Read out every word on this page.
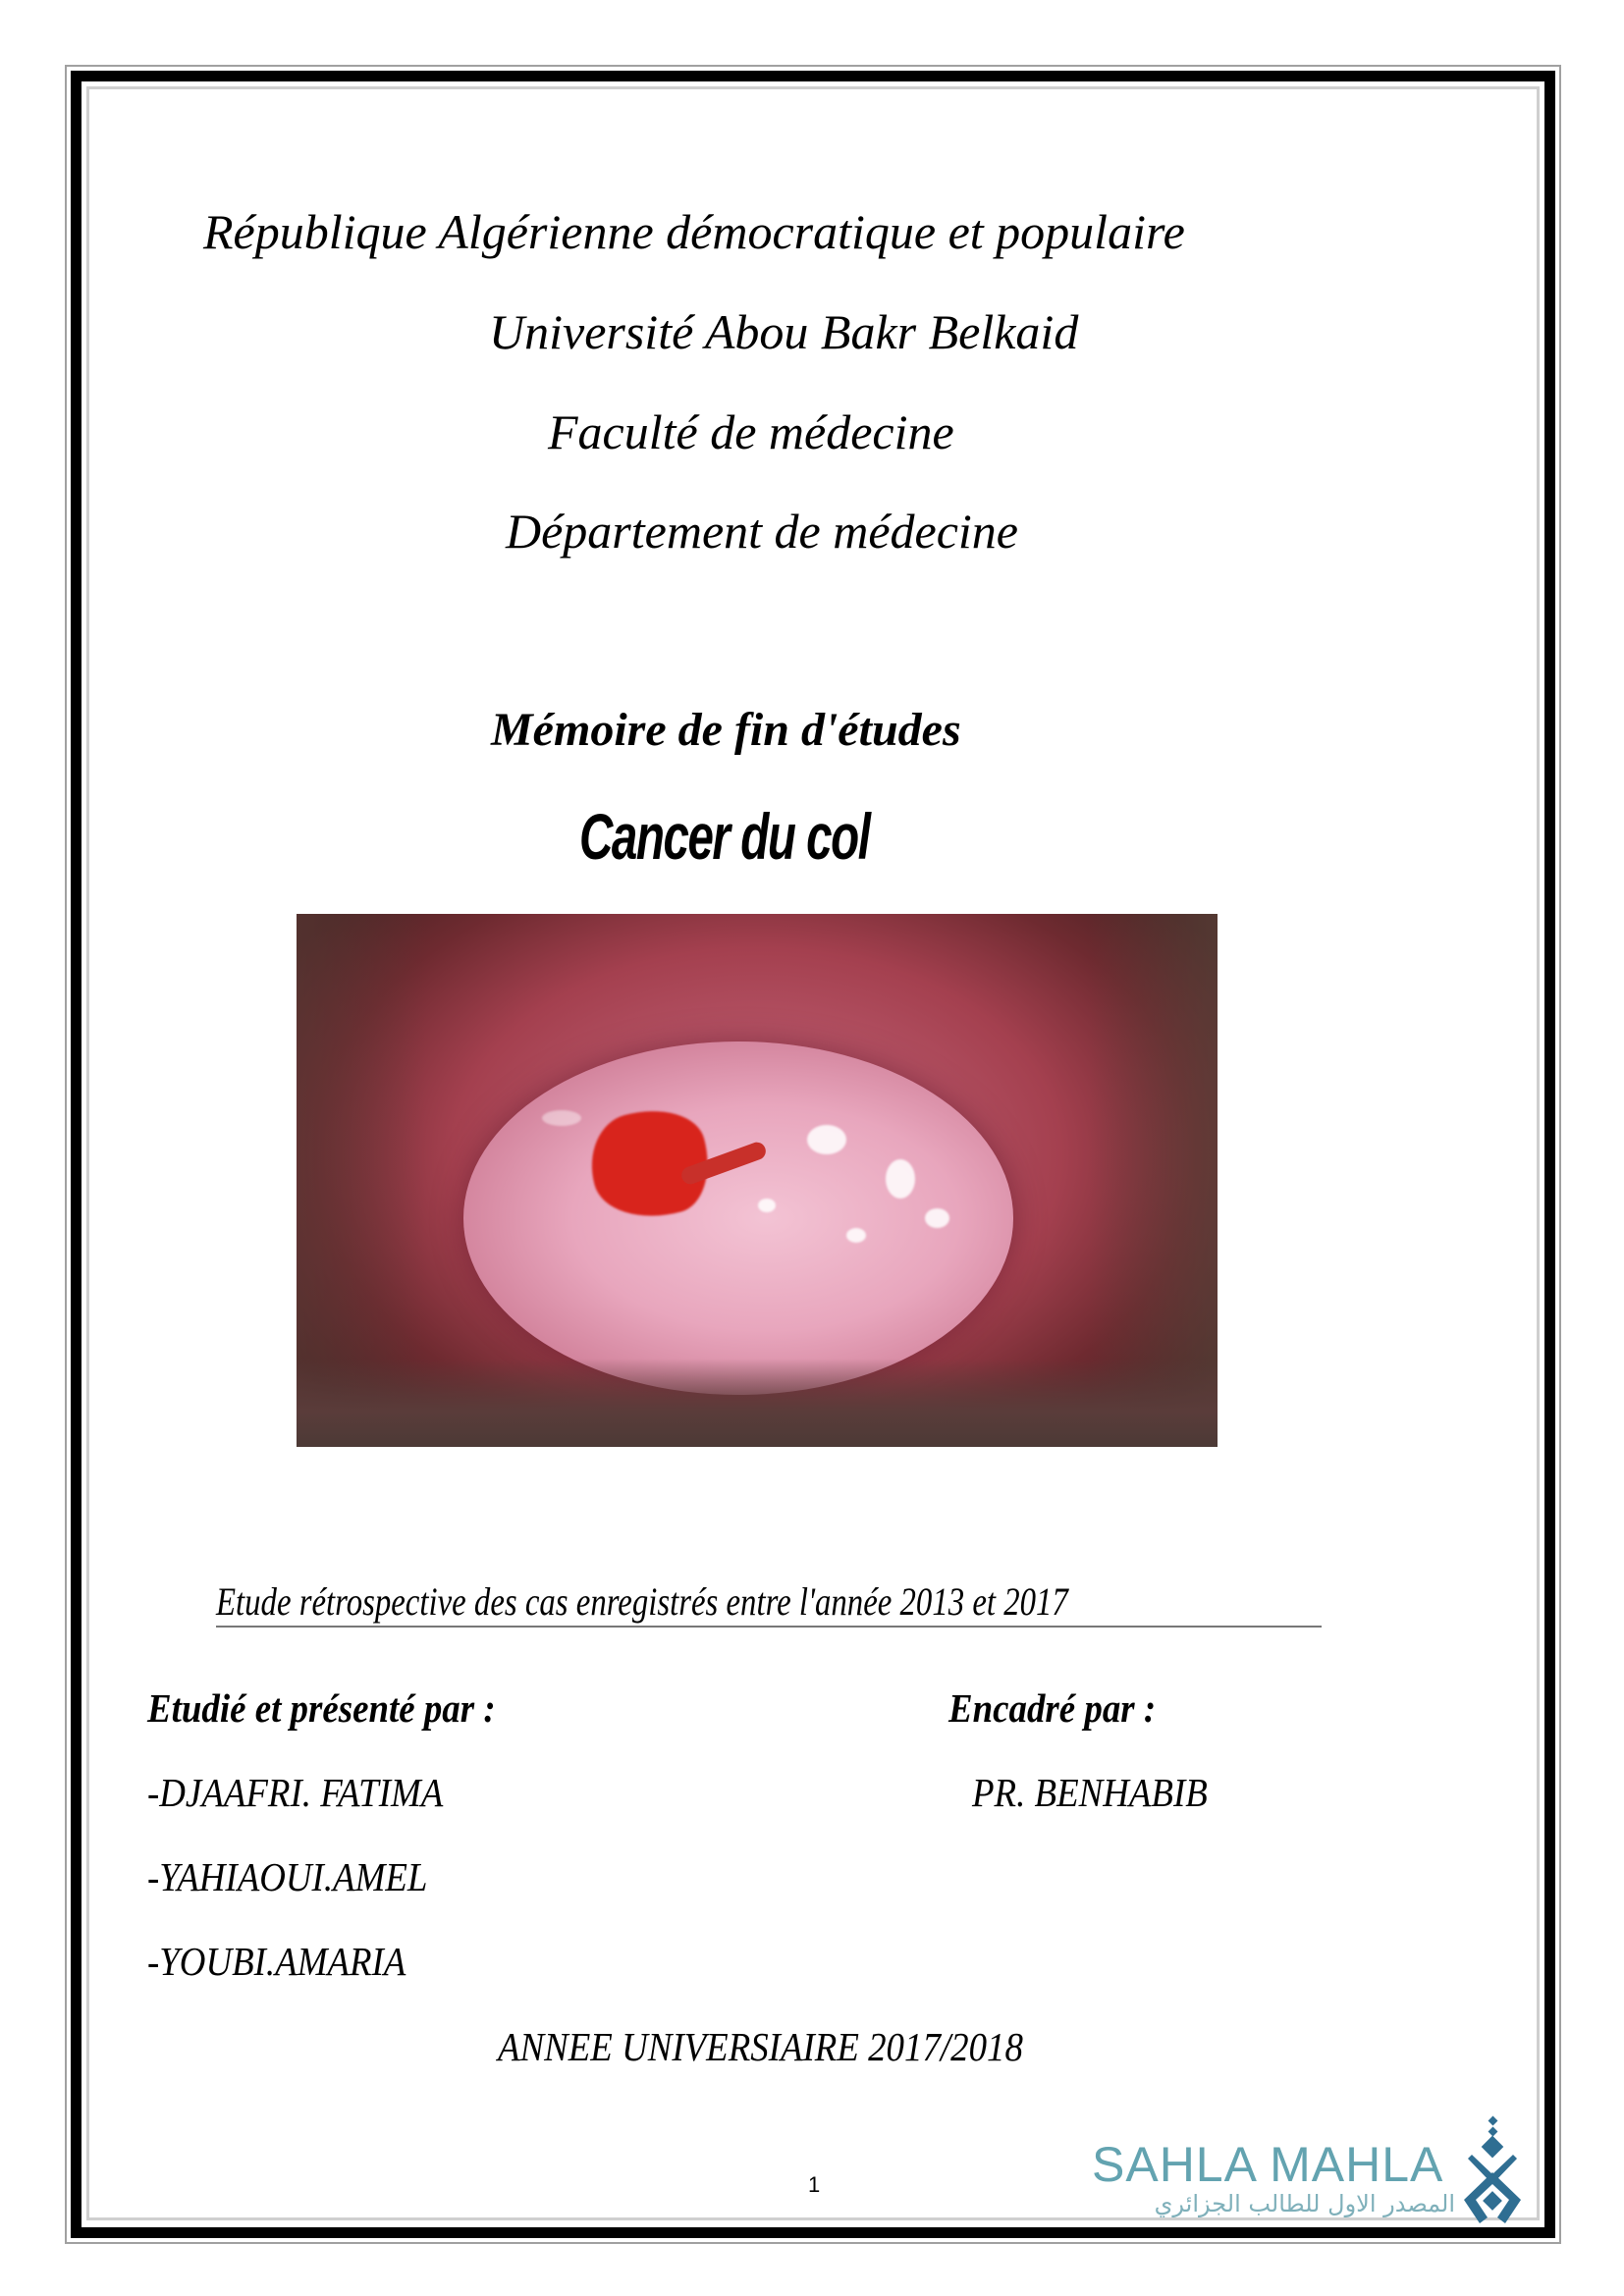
République Algérienne démocratique et populaire
Université Abou Bakr Belkaid
Faculté de médecine
Département de médecine
Mémoire de fin d'études
Cancer du col
Etude rétrospective des cas enregistrés entre l'année 2013 et 2017
Etudié et présenté par :	Encadré par :
-DJAAFRI. FATIMA	PR. BENHABIB
-YAHIAOUI.AMEL
-YOUBI.AMARIA
ANNEE UNIVERSIAIRE 2017/2018
1	SAHLA MAHLA
المصدر الاول للطالب الجزائري
